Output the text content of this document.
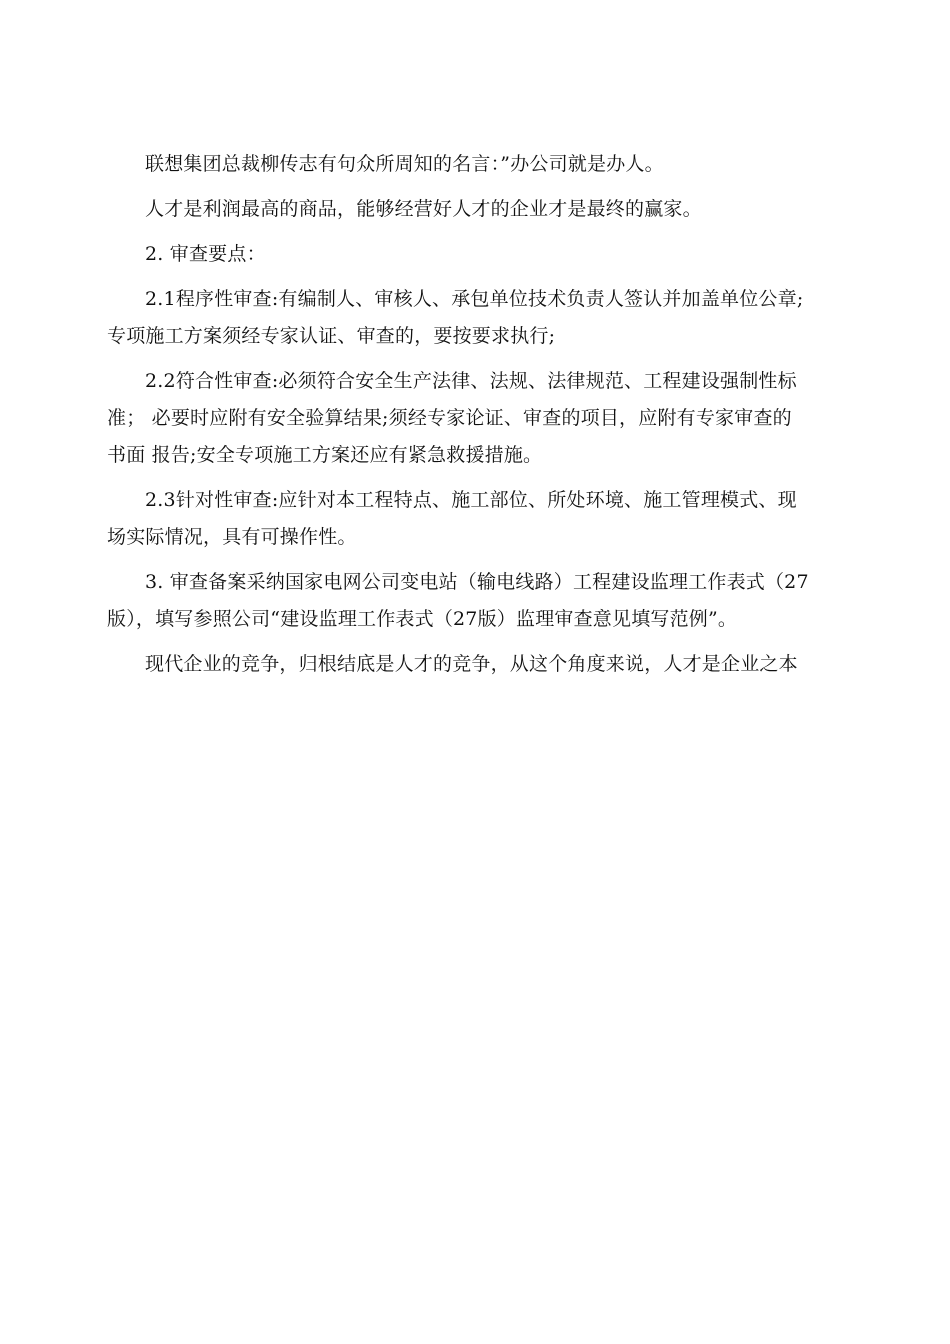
联想集团总裁柳传志有句众所周知的名言：”办公司就是办人。

人才是利润最高的商品，能够经营好人才的企业才是最终的赢家。

2. 审查要点：

2.1程序性审查:有编制人、审核人、承包单位技术负责人签认并加盖单位公章;
专项施工方案须经专家认证、审查的，要按要求执行;

2.2符合性审查:必须符合安全生产法律、法规、法律规范、工程建设强制性标
准； 必要时应附有安全验算结果;须经专家论证、审查的项目，应附有专家审查的
书面 报告;安全专项施工方案还应有紧急救援措施。

2.3针对性审查:应针对本工程特点、施工部位、所处环境、施工管理模式、现
场实际情况，具有可操作性。

3. 审查备案采纳国家电网公司变电站（输电线路）工程建设监理工作表式（27
版），填写参照公司“建设监理工作表式（27版）监理审查意见填写范例”。

现代企业的竞争，归根结底是人才的竞争，从这个角度来说，人才是企业之本
